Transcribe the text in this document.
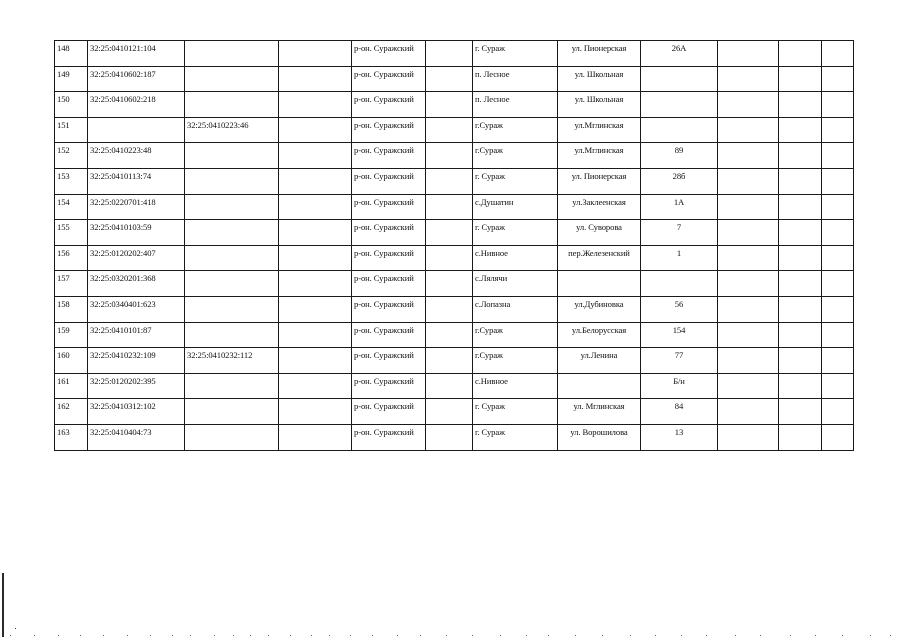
148	32:25:0410121:104			р-он. Суражский		г. Сураж	ул. Пионерская	26А			
149	32:25:0410602:187			р-он. Суражский		п. Лесное	ул. Школьная				
150	32:25:0410602:218			р-он. Суражский		п. Лесное	ул. Школьная				
151		32:25:0410223:46		р-он. Суражский		г.Сураж	ул.Мглинская				
152	32:25:0410223:48			р-он. Суражский		г.Сураж	ул.Мглинская	89			
153	32:25:0410113:74			р-он. Суражский		г. Сураж	ул. Пионерская	28б			
154	32:25:0220701:418			р-он. Суражский		с.Душатин	ул.Заклеенская	1А			
155	32:25:0410103:59			р-он. Суражский		г. Сураж	ул. Суворова	7			
156	32:25:0120202:407			р-он. Суражский		с.Нивное	пер.Железенский	1			
157	32:25:0320201:368			р-он. Суражский		с.Лялячи					
158	32:25:0340401:623			р-он. Суражский		с.Лопазна	ул.Дубиновка	56			
159	32:25:0410101:87			р-он. Суражский		г.Сураж	ул.Белорусская	154			
160	32:25:0410232:109	32:25:0410232:112		р-он. Суражский		г.Сураж	ул.Ленина	77			
161	32:25:0120202:395			р-он. Суражский		с.Нивное		Б/н			
162	32:25:0410312:102			р-он. Суражский		г. Сураж	ул. Мглинская	84			
163	32:25:0410404:73			р-он. Суражский		г. Сураж	ул. Ворошилова	13			
